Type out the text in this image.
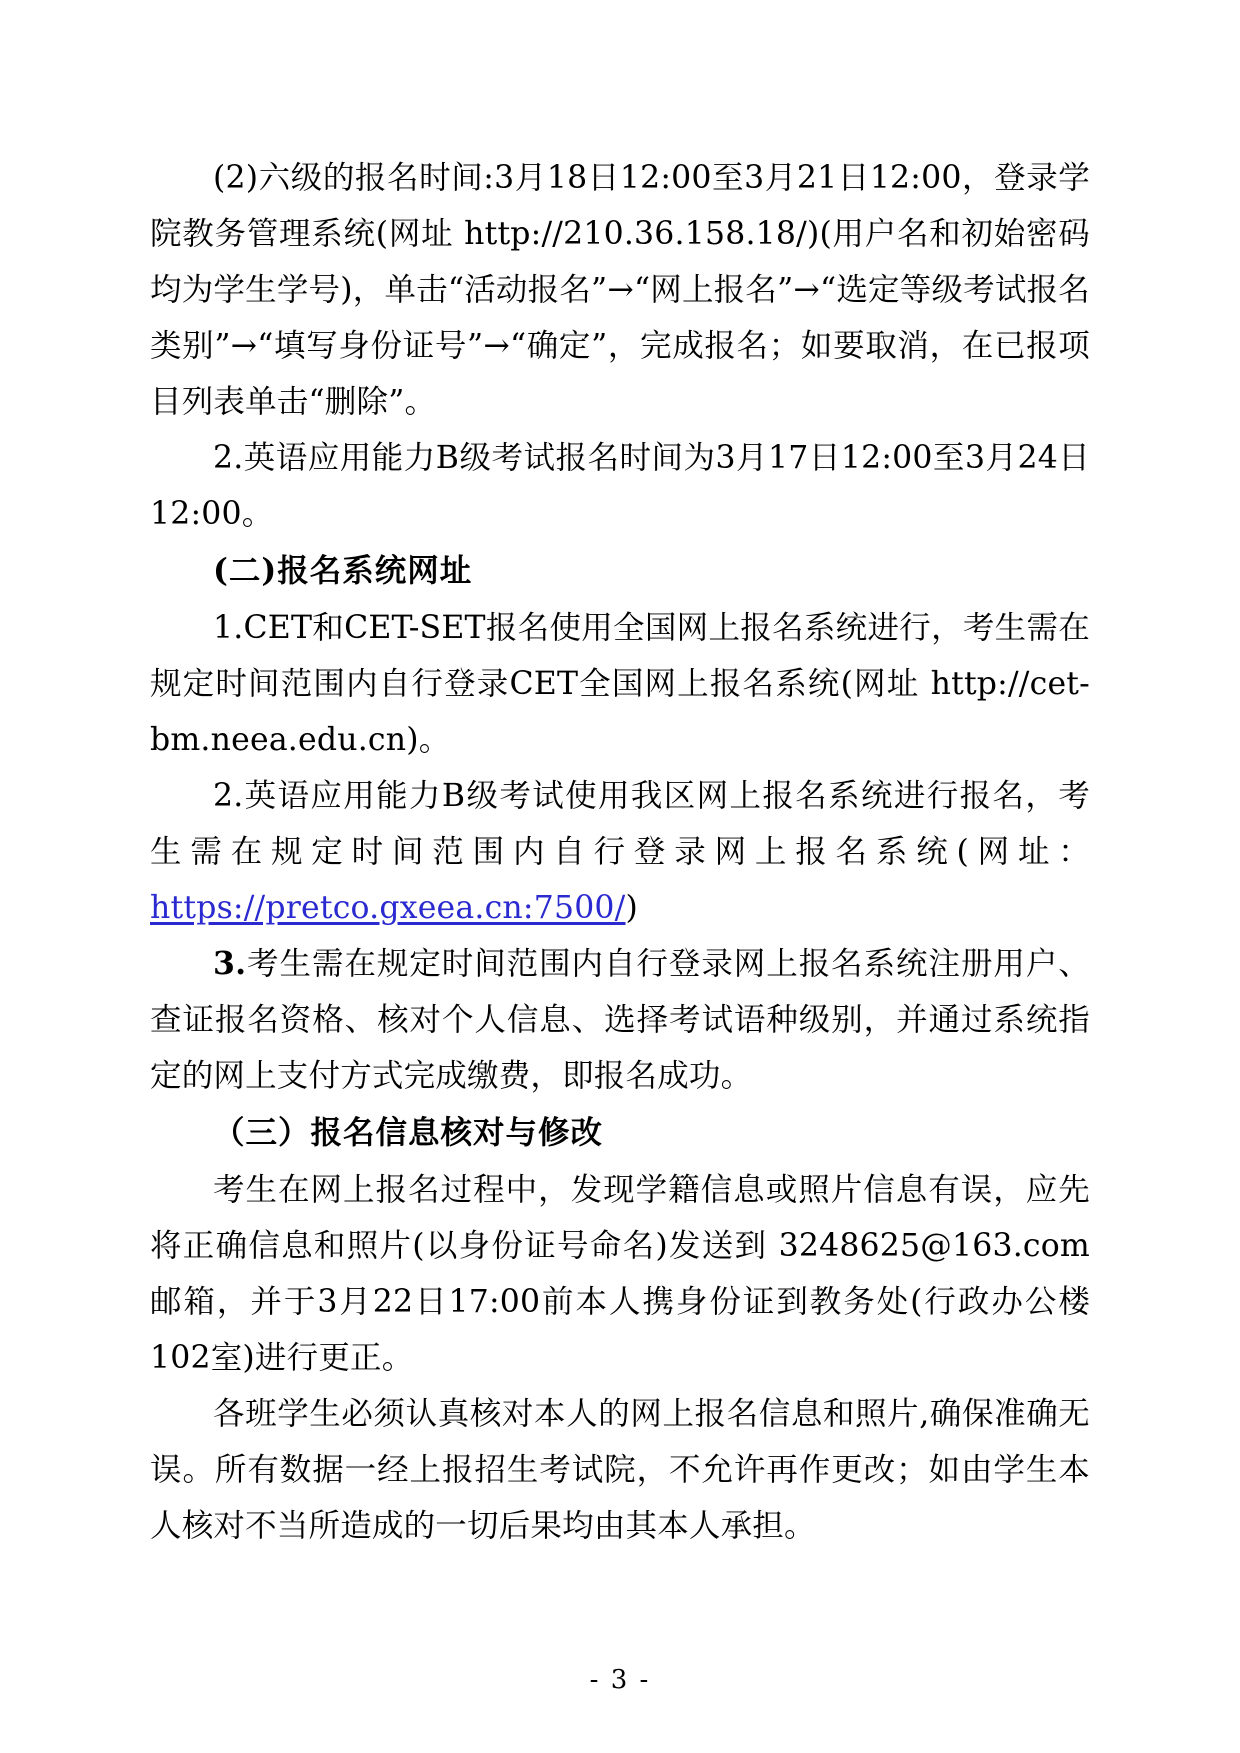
(2)六级的报名时间:3月18日12:00至3月21日12:00，登录学院教务管理系统(网址 http://210.36.158.18/)(用户名和初始密码均为学生学号)，单击“活动报名”→“网上报名”→“选定等级考试报名类别”→“填写身份证号”→“确定”，完成报名；如要取消，在已报项目列表单击“删除”。

2.英语应用能力B级考试报名时间为3月17日12:00至3月24日12:00。

(二)报名系统网址

1.CET和CET-SET报名使用全国网上报名系统进行，考生需在规定时间范围内自行登录CET全国网上报名系统(网址 http://cet-bm.neea.edu.cn)。

2.英语应用能力B级考试使用我区网上报名系统进行报名，考生需在规定时间范围内自行登录网上报名系统(网址：https://pretco.gxeea.cn:7500/)

3.考生需在规定时间范围内自行登录网上报名系统注册用户、查证报名资格、核对个人信息、选择考试语种级别，并通过系统指定的网上支付方式完成缴费，即报名成功。

（三）报名信息核对与修改

考生在网上报名过程中，发现学籍信息或照片信息有误，应先将正确信息和照片(以身份证号命名)发送到 3248625@163.com 邮箱，并于3月22日17:00前本人携身份证到教务处(行政办公楼102室)进行更正。

各班学生必须认真核对本人的网上报名信息和照片,确保准确无误。所有数据一经上报招生考试院，不允许再作更改；如由学生本人核对不当所造成的一切后果均由其本人承担。

- 3 -
